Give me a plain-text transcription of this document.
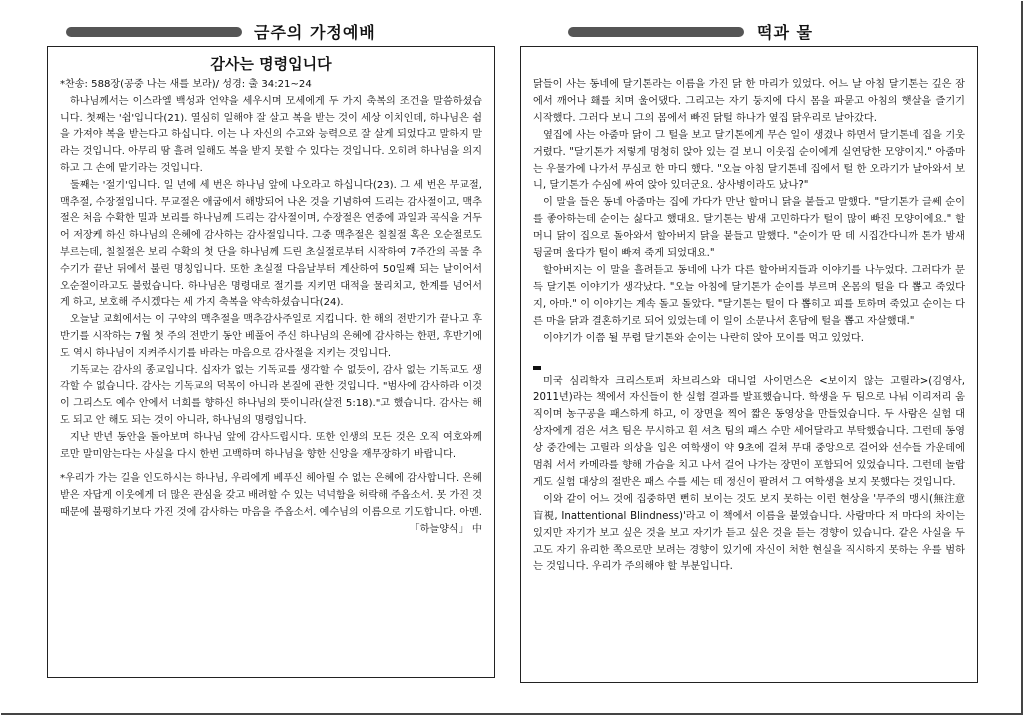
금주의 가정예배	떡과 물
감사는 명령입니다

*찬송: 588장(공중 나는 새를 보라)/ 성경: 출 34:21~24

하나님께서는 이스라엘 백성과 언약을 세우시며 모세에게 두 가지 축복의 조건을 말씀하셨습니다. 첫째는 '쉼'입니다(21). 열심히 일해야 잘 살고 복을 받는 것이 세상 이치인데, 하나님은 쉼을 가져야 복을 받는다고 하십니다. 이는 나 자신의 수고와 능력으로 잘 살게 되었다고 말하지 말라는 것입니다. 아무리 땀 흘려 일해도 복을 받지 못할 수 있다는 것입니다. 오히려 하나님을 의지하고 그 손에 맡기라는 것입니다.

둘째는 '절기'입니다. 일 년에 세 번은 하나님 앞에 나오라고 하십니다(23). 그 세 번은 무교절, 맥추절, 수장절입니다. 무교절은 애굽에서 해방되어 나온 것을 기념하여 드리는 감사절이고, 맥추절은 처음 수확한 밀과 보리를 하나님께 드리는 감사절이며, 수장절은 연중에 과일과 곡식을 거두어 저장케 하신 하나님의 은혜에 감사하는 감사절입니다. 그중 맥추절은 칠칠절 혹은 오순절로도 부르는데, 칠칠절은 보리 수확의 첫 단을 하나님께 드린 초실절로부터 시작하여 7주간의 곡물 추수기가 끝난 뒤에서 불린 명칭입니다. 또한 초실절 다음날부터 계산하여 50일째 되는 날이어서 오순절이라고도 불렀습니다. 하나님은 명령대로 절기를 지키면 대적을 물리치고, 한계를 넘어서게 하고, 보호해 주시겠다는 세 가지 축복을 약속하셨습니다(24).

오늘날 교회에서는 이 구약의 맥추절을 맥추감사주일로 지킵니다. 한 해의 전반기가 끝나고 후반기를 시작하는 7월 첫 주의 전반기 동안 베풀어 주신 하나님의 은혜에 감사하는 한편, 후반기에도 역시 하나님이 지켜주시기를 바라는 마음으로 감사절을 지키는 것입니다.

기독교는 감사의 종교입니다. 십자가 없는 기독교를 생각할 수 없듯이, 감사 없는 기독교도 생각할 수 없습니다. 감사는 기독교의 덕목이 아니라 본질에 관한 것입니다. "범사에 감사하라 이것이 그리스도 예수 안에서 너희를 향하신 하나님의 뜻이니라(살전 5:18)."고 했습니다. 감사는 해도 되고 안 해도 되는 것이 아니라, 하나님의 명령입니다.

지난 반년 동안을 돌아보며 하나님 앞에 감사드립시다. 또한 인생의 모든 것은 오직 여호와께로만 말미암는다는 사실을 다시 한번 고백하며 하나님을 향한 신앙을 재무장하기 바랍니다.

*우리가 가는 길을 인도하시는 하나님, 우리에게 베푸신 헤아릴 수 없는 은혜에 감사합니다. 은혜 받은 자답게 이웃에게 더 많은 관심을 갖고 배려할 수 있는 넉넉함을 허락해 주옵소서. 못 가진 것 때문에 불평하기보다 가진 것에 감사하는 마음을 주옵소서. 예수님의 이름으로 기도합니다. 아멘.
「하늘양식」 中

닭들이 사는 동네에 달기톤라는 이름을 가진 닭 한 마리가 있었다. 어느 날 아침 달기톤는 깊은 잠에서 깨어나 홰를 치며 울어댔다. 그리고는 자기 둥지에 다시 몸을 파묻고 아침의 햇살을 즐기기 시작했다. 그러다 보니 그의 몸에서 빠진 닭털 하나가 옆집 닭우리로 날아갔다.

옆집에 사는 아줌마 닭이 그 털을 보고 달기톤에게 무슨 일이 생겼나 하면서 달기톤네 집을 기웃거렸다. "달기톤가 저렇게 멍청히 앉아 있는 걸 보니 이웃집 순이에게 실연당한 모양이지." 아줌마는 우물가에 나가서 무심코 한 마디 했다. "오늘 아침 달기톤네 집에서 털 한 오라기가 날아와서 보니, 달기톤가 수심에 싸여 앉아 있더군요. 상사병이라도 났나?"

이 말을 들은 동네 아줌마는 집에 가다가 만난 할머니 닭을 붙들고 말했다. "달기톤가 글쎄 순이를 좋아하는데 순이는 싫다고 했대요. 달기톤는 밤새 고민하다가 털이 많이 빠진 모양이에요." 할머니 닭이 집으로 돌아와서 할아버지 닭을 붙들고 말했다. "순이가 딴 데 시집간다니까 톤가 밤새 뒹굴며 울다가 털이 빠져 죽게 되었대요."

할아버지는 이 말을 흘려듣고 동네에 나가 다른 할아버지들과 이야기를 나누었다. 그러다가 문득 달기톤 이야기가 생각났다. "오늘 아침에 달기톤가 순이를 부르며 온몸의 털을 다 뽑고 죽었다지, 아마." 이 이야기는 계속 돌고 돌았다. "달기톤는 털이 다 뽑히고 피를 토하며 죽었고 순이는 다른 마을 닭과 결혼하기로 되어 있었는데 이 일이 소문나서 혼담에 털을 뽑고 자살했대."

이야기가 이쯤 될 무렵 달기톤와 순이는 나란히 앉아 모이를 먹고 있었다.

미국 심리학자 크리스토퍼 차브리스와 대니얼 사이먼스은 <보이지 않는 고릴라>(김영사, 2011년)라는 책에서 자신들이 한 실험 결과를 발표했습니다. 학생을 두 팀으로 나눠 이리저리 움직이며 농구공을 패스하게 하고, 이 장면을 찍어 짧은 동영상을 만들었습니다. 두 사람은 실험 대상자에게 검은 셔츠 팀은 무시하고 흰 셔츠 팀의 패스 수만 세어달라고 부탁했습니다. 그런데 동영상 중간에는 고릴라 의상을 입은 여학생이 약 9초에 걸쳐 무대 중앙으로 걸어와 선수들 가운데에 멈춰 서서 카메라를 향해 가슴을 치고 나서 걸어 나가는 장면이 포함되어 있었습니다. 그런데 놀랍게도 실험 대상의 절반은 패스 수를 세는 데 정신이 팔려서 그 여학생을 보지 못했다는 것입니다.

이와 같이 어느 것에 집중하면 뻔히 보이는 것도 보지 못하는 이런 현상을 '무주의 맹시(無注意 盲視, Inattentional Blindness)'라고 이 책에서 이름을 붙였습니다. 사람마다 저 마다의 차이는 있지만 자기가 보고 싶은 것을 보고 자기가 듣고 싶은 것을 듣는 경향이 있습니다. 같은 사실을 두고도 자기 유리한 쪽으로만 보려는 경향이 있기에 자신이 처한 현실을 직시하지 못하는 우를 범하는 것입니다. 우리가 주의해야 할 부분입니다.
